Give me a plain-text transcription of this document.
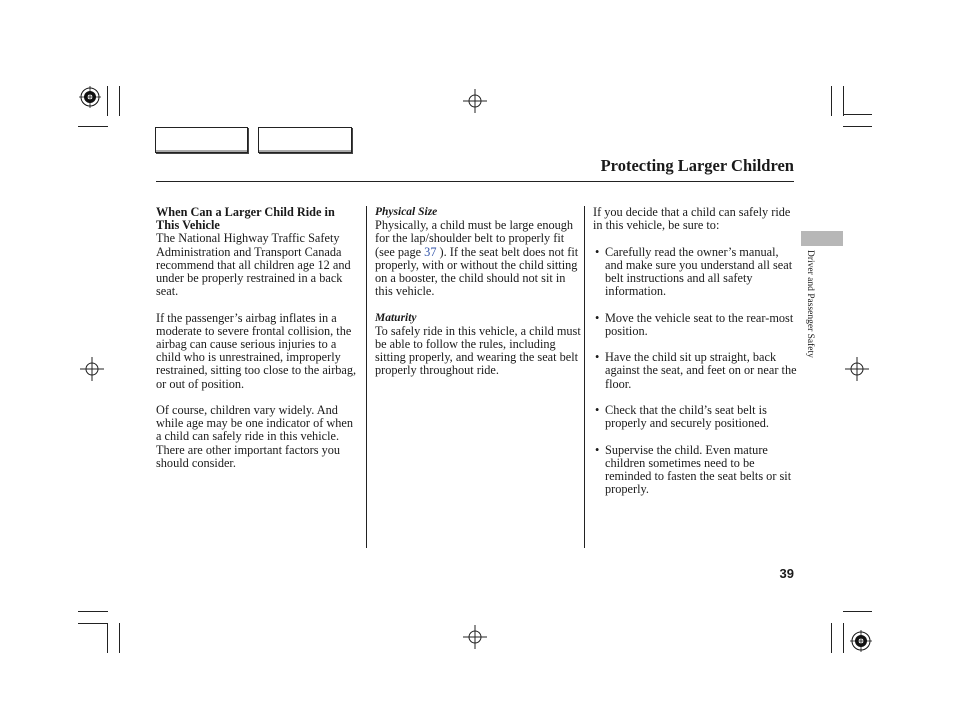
Protecting Larger Children
When Can a Larger Child Ride in This Vehicle

The National Highway Traffic Safety Administration and Transport Canada recommend that all children age 12 and under be properly restrained in a back seat.

If the passenger’s airbag inflates in a moderate to severe frontal collision, the airbag can cause serious injuries to a child who is unrestrained, improperly restrained, sitting too close to the airbag, or out of position.

Of course, children vary widely. And while age may be one indicator of when a child can safely ride in this vehicle. There are other important factors you should consider.

Physical Size

Physically, a child must be large enough for the lap/shoulder belt to properly fit (see page 37 ). If the seat belt does not fit properly, with or without the child sitting on a booster, the child should not sit in this vehicle.

Maturity

To safely ride in this vehicle, a child must be able to follow the rules, including sitting properly, and wearing the seat belt properly throughout ride.

If you decide that a child can safely ride in this vehicle, be sure to:

• Carefully read the owner’s manual, and make sure you understand all seat belt instructions and all safety information.
• Move the vehicle seat to the rear-most position.
• Have the child sit up straight, back against the seat, and feet on or near the floor.
• Check that the child’s seat belt is properly and securely positioned.
• Supervise the child. Even mature children sometimes need to be reminded to fasten the seat belts or sit properly.
Driver and Passenger Safety
39
